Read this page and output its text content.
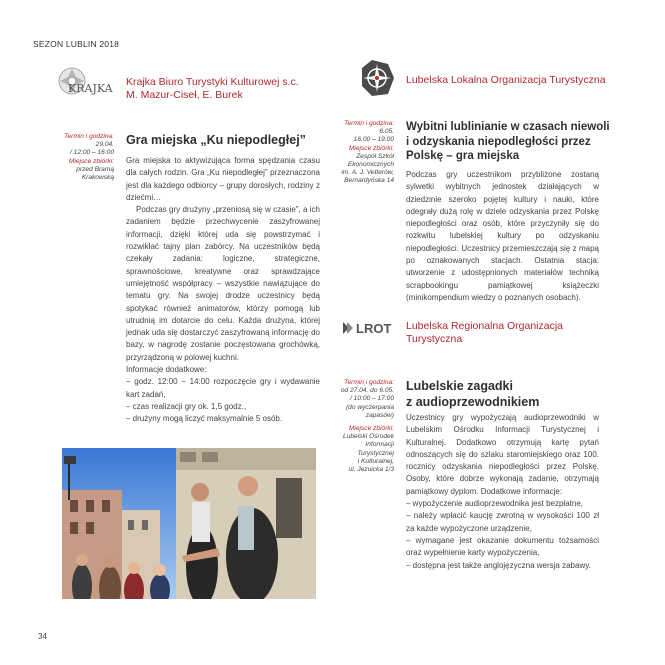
SEZON LUBLIN 2018
KRAJKA Krajka Biuro Turystyki Kulturowej s.c.
M. Mazur-Ciseł, E. Burek
Termin i godzina:
29.04.
/ 12:00 – 16:00
Miejsce zbiórki:
przed Bramą
Krakowską
Gra miejska „Ku niepodległej”

Gra miejska to aktywizująca forma spędzania czasu dla całych rodzin. Gra „Ku niepodległej” przeznaczona jest dla każdego odbiorcy – grupy dorosłych, rodziny z dziećmi…

Podczas gry drużyny „przeniosą się w czasie”, a ich zadaniem będzie przechwycenie zaszyfrowanej informacji, dzięki której uda się powstrzymać i rozwikłać tajny plan zabórcy. Na uczestników będą czekały zadania: logiczne, strategiczne, sprawnościowe, kreatywne oraz sprawdzające umiejętność współpracy – wszystkie nawiązujące do tematu gry. Na swojej drodze uczestnicy będą spotykać również animatorów, którzy pomogą lub utrudnią im dotarcie do celu. Każda drużyna, której jednak uda się dostarczyć zaszyfrowaną informację do bazy, w nagrodę zostanie poczęstowana grochówką, przyrządzoną w polowej kuchni.

Informacje dodatkowe:

– godz. 12:00 – 14:00 rozpoczęcie gry i wydawanie kart zadań,

– czas realizacji gry ok. 1,5 godz.,

– drużyny mogą liczyć maksymalnie 5 osób.

34
Lubelska Lokalna Organizacja Turystyczna
Termin i godzina:
6.05.
16.00 – 19.00
Miejsce zbiórki:
Zespół Szkół
Ekonomicznych
im. A. J. Vetterów,
Bernardyńska 14
Wybitni lublinianie w czasach niewoli
i odzyskania niepodległości przez
Polskę – gra miejska

Podczas gry uczestnikom przybliżone zostaną sylwetki wybitnych jednostek działających w dziedzinie szeroko pojętej kultury i nauki, które odegrały dużą rolę w dziele odzyskania przez Polskę niepodległości oraz osób, które przyczyniły się do rozkwitu lubelskiej kultury po odzyskaniu niepodległości. Uczestnicy przemieszczają się z mapą po oznakowanych stacjach. Ostatnia stacja: utworzenie z udostępnionych materiałów techniką scrapbookingu pamiątkowej książeczki (minikompendium wiedzy o poznanych osobach).

LROT Lubelska Regionalna Organizacja
Turystyczna
Termin i godzina:
od 27.04. do 6.05.
/ 10:00 – 17:00
(do wyczerpania
zapasów)
Miejsce zbiórki:
Lubelski Ośrodek
Informacji
Turystycznej
i Kulturalnej,
ul. Jezuicka 1/3
Lubelskie zagadki
z audioprzewodnikiem

Uczestnicy gry wypożyczają audioprzewodniki w Lubelskim Ośrodku Informacji Turystycznej i Kulturalnej. Dodatkowo otrzymują kartę pytań odnoszących się do szlaku staromiejskiego oraz 100. rocznicy odzyskania niepodległości przez Polskę. Osoby, które dobrze wykonają zadanie, otrzymają pamiątkowy dyplom. Dodatkowe informacje:

– wypożyczenie audioprzewodnika jest bezpłatne,

– należy wpłacić kaucję zwrotną w wysokości 100 zł za każde wypożyczone urządzenie,

– wymagane jest okazanie dokumentu tożsamości oraz wypełnienie karty wypożyczenia,

– dostępna jest także anglojęzyczna wersja zabawy.
